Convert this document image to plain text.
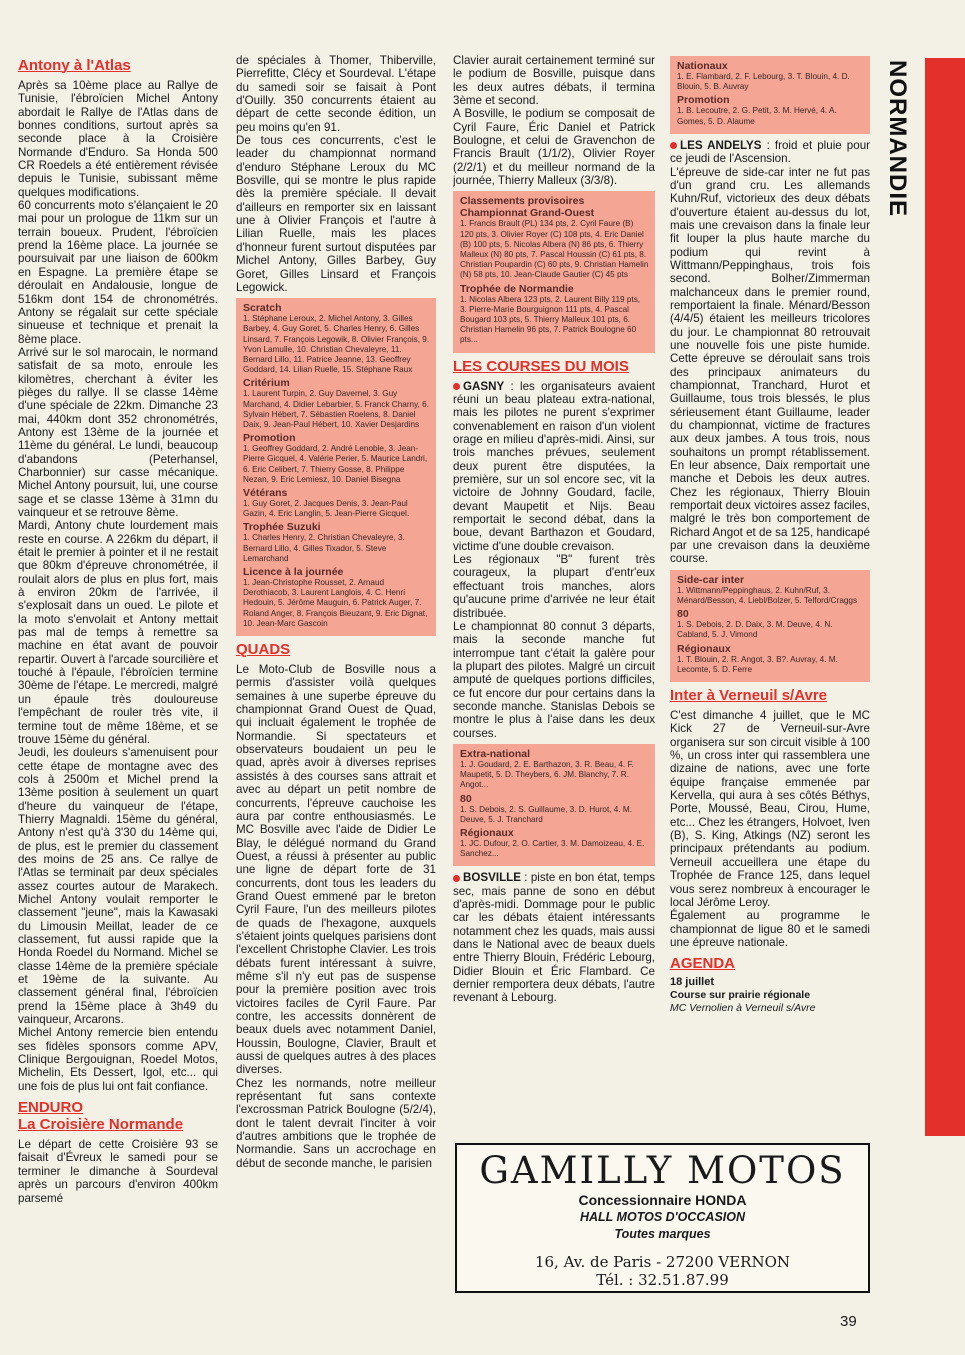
Antony à l'Atlas

Après sa 10ème place au Rallye de Tunisie, l'ébroïcien Michel Antony abordait le Rallye de l'Atlas dans de bonnes conditions, surtout après sa seconde place à la Croisière Normande d'Enduro. Sa Honda 500 CR Roedels a été entièrement révisée depuis le Tunisie, subissant même quelques modifications.

60 concurrents moto s'élançaient le 20 mai pour un prologue de 11km sur un terrain boueux. Prudent, l'ébroïcien prend la 16ème place. La journée se poursuivait par une liaison de 600km en Espagne. La première étape se déroulait en Andalousie, longue de 516km dont 154 de chronométrés. Antony se régalait sur cette spéciale sinueuse et technique et prenait la 8ème place.

Arrivé sur le sol marocain, le normand satisfait de sa moto, enroule les kilomètres, cherchant à éviter les pièges du rallye. Il se classe 14ème d'une spéciale de 22km. Dimanche 23 mai, 440km dont 352 chronométrés, Antony est 13ème de la journée et 11ème du général. Le lundi, beaucoup d'abandons (Peterhansel, Charbonnier) sur casse mécanique. Michel Antony poursuit, lui, une course sage et se classe 13ème à 31mn du vainqueur et se retrouve 8ème.

Mardi, Antony chute lourdement mais reste en course. A 226km du départ, il était le premier à pointer et il ne restait que 80km d'épreuve chronométrée, il roulait alors de plus en plus fort, mais à environ 20km de l'arrivée, il s'explosait dans un oued. Le pilote et la moto s'envolait et Antony mettait pas mal de temps à remettre sa machine en état avant de pouvoir repartir. Ouvert à l'arcade sourcilière et touché à l'épaule, l'ébroïcien termine 30ème de l'étape. Le mercredi, malgré un épaule très douloureuse l'empêchant de rouler très vite, il termine tout de même 18ème, et se trouve 15ème du général.

Jeudi, les douleurs s'amenuisent pour cette étape de montagne avec des cols à 2500m et Michel prend la 13ème position à seulement un quart d'heure du vainqueur de l'étape, Thierry Magnaldi. 15ème du général, Antony n'est qu'à 3'30 du 14ème qui, de plus, est le premier du classement des moins de 25 ans. Ce rallye de l'Atlas se terminait par deux spéciales assez courtes autour de Marakech. Michel Antony voulait remporter le classement "jeune", mais la Kawasaki du Limousin Meillat, leader de ce classement, fut aussi rapide que la Honda Roedel du Normand. Michel se classe 14ème de la première spéciale et 19ème de la suivante. Au classement général final, l'ébroïcien prend la 15ème place à 3h49 du vainqueur, Arcarons.

Michel Antony remercie bien entendu ses fidèles sponsors comme APV, Clinique Bergouignan, Roedel Motos, Michelin, Ets Dessert, Igol, etc... qui une fois de plus lui ont fait confiance.

ENDURO
La Croisière Normande

Le départ de cette Croisière 93 se faisait d'Évreux le samedi pour se terminer le dimanche à Sourdeval après un parcours d'environ 400km parsemé

de spéciales à Thomer, Thiberville, Pierrefitte, Clécy et Sourdeval. L'étape du samedi soir se faisait à Pont d'Ouilly. 350 concurrents étaient au départ de cette seconde édition, un peu moins qu'en 91.

De tous ces concurrents, c'est le leader du championnat normand d'enduro Stéphane Leroux du MC Bosville, qui se montre le plus rapide dès la première spéciale. Il devait d'ailleurs en remporter six en laissant une à Olivier François et l'autre à Lilian Ruelle, mais les places d'honneur furent surtout disputées par Michel Antony, Gilles Barbey, Guy Goret, Gilles Linsard et François Legowick.

Scratch
1. Stéphane Leroux, 2. Michel Antony, 3. Gilles Barbey, 4. Guy Goret, 5. Charles Henry, 6. Gilles Linsard, 7. François Legowik, 8. Olivier François, 9. Yvon Lamulle, 10. Christian Chevaleyre, 11. Bernard Lillo, 11. Patrice Jeanne, 13. Geoffrey Goddard, 14. Lilian Ruelle, 15. Stéphane Raux
Critérium
1. Laurent Turpin, 2. Guy Davernel, 3. Guy Marchand, 4. Didier Lebarbier, 5. Franck Charny, 6. Sylvain Hébert, 7. Sébastien Roelens, 8. Daniel Daix, 9. Jean-Paul Hébert, 10. Xavier Desjardins
Promotion
1. Geoffrey Goddard, 2. André Lenoble, 3. Jean-Pierre Gicquel, 4. Valérie Perier, 5. Maurice Landri, 6. Eric Celibert, 7. Thierry Gosse, 8. Philippe Nezan, 9. Eric Lemiesz, 10. Daniel Bisegna
Vétérans
1. Guy Goret, 2. Jacques Denis, 3. Jean-Paul Gazin, 4. Eric Langlin, 5. Jean-Pierre Gicquel.
Trophée Suzuki
1. Charles Henry, 2. Christian Chevaleyre, 3. Bernard Lillo, 4. Gilles Tixador, 5. Steve Lemarchand
Licence à la journée
1. Jean-Christophe Rousset, 2. Arnaud Derothiacob, 3. Laurent Langlois, 4. C. Henri Hedouin, 5. Jérôme Mauguin, 6. Patrick Auger, 7. Roland Anger, 8. François Bieuzant, 9. Eric Dignat, 10. Jean-Marc Gascoin
QUADS

Le Moto-Club de Bosville nous a permis d'assister voilà quelques semaines à une superbe épreuve du championnat Grand Ouest de Quad, qui incluait également le trophée de Normandie. Si spectateurs et observateurs boudaient un peu le quad, après avoir à diverses reprises assistés à des courses sans attrait et avec au départ un petit nombre de concurrents, l'épreuve cauchoise les aura par contre enthousiasmés. Le MC Bosville avec l'aide de Didier Le Blay, le délégué normand du Grand Ouest, a réussi à présenter au public une ligne de départ forte de 31 concurrents, dont tous les leaders du Grand Ouest emmené par le breton Cyril Faure, l'un des meilleurs pilotes de quads de l'hexagone, auxquels s'étaient joints quelques parisiens dont l'excellent Christophe Clavier. Les trois débats furent intéressant à suivre, même s'il n'y eut pas de suspense pour la première position avec trois victoires faciles de Cyril Faure. Par contre, les accessits donnèrent de beaux duels avec notamment Daniel, Houssin, Boulogne, Clavier, Brault et aussi de quelques autres à des places diverses.

Chez les normands, notre meilleur représentant fut sans contexte l'excrossman Patrick Boulogne (5/2/4), dont le talent devrait l'inciter à voir d'autres ambitions que le trophée de Normandie. Sans un accrochage en début de seconde manche, le parisien

Clavier aurait certainement terminé sur le podium de Bosville, puisque dans les deux autres débats, il termina 3ème et second.

A Bosville, le podium se composait de Cyril Faure, Éric Daniel et Patrick Boulogne, et celui de Gravenchon de Francis Brault (1/1/2), Olivier Royer (2/2/1) et du meilleur normand de la journée, Thierry Malleux (3/3/8).

Classements provisoires Championnat Grand-Ouest
1. Francis Brault (PL) 134 pts, 2. Cyril Faure (B) 120 pts, 3. Olivier Royer (C) 108 pts, 4. Eric Daniel (B) 100 pts, 5. Nicolas Albera (N) 86 pts, 6. Thierry Malleux (N) 80 pts, 7. Pascal Houssin (C) 61 pts, 8. Christian Poupardin (C) 60 pts, 9. Christian Hamelin (N) 58 pts, 10. Jean-Claude Gautier (C) 45 pts
Trophée de Normandie
1. Nicolas Albera 123 pts, 2. Laurent Billy 119 pts, 3. Pierre-Marie Bourguignon 111 pts, 4. Pascal Bougard 103 pts, 5. Thierry Malleux 101 pts, 6. Christian Hamelin 96 pts, 7. Patrick Boulogne 60 pts...
LES COURSES DU MOIS

GASNY : les organisateurs avaient réuni un beau plateau extra-national, mais les pilotes ne purent s'exprimer convenablement en raison d'un violent orage en milieu d'après-midi. Ainsi, sur trois manches prévues, seulement deux purent être disputées, la première, sur un sol encore sec, vit la victoire de Johnny Goudard, facile, devant Maupetit et Nijs. Beau remportait le second débat, dans la boue, devant Barthazon et Goudard, victime d'une double crevaison.

Les régionaux "B" furent très courageux, la plupart d'entr'eux effectuant trois manches, alors qu'aucune prime d'arrivée ne leur était distribuée.

Le championnat 80 connut 3 départs, mais la seconde manche fut interrompue tant c'était la galère pour la plupart des pilotes. Malgré un circuit amputé de quelques portions difficiles, ce fut encore dur pour certains dans la seconde manche. Stanislas Debois se montre le plus à l'aise dans les deux courses.

Extra-national
1. J. Goudard, 2. E. Barthazon, 3. R. Beau, 4. F. Maupetit, 5. D. Theybers, 6. JM. Blanchy, 7. R. Angot...
80
1. S. Debois, 2. S. Guillaume, 3. D. Hurot, 4. M. Deuve, 5. J. Tranchard
Régionaux
1. JC. Dufour, 2. O. Cartier, 3. M. Damoizeau, 4. E. Sanchez...

BOSVILLE : piste en bon état, temps sec, mais panne de sono en début d'après-midi. Dommage pour le public car les débats étaient intéressants notamment chez les quads, mais aussi dans le National avec de beaux duels entre Thierry Blouin, Frédéric Lebourg, Didier Blouin et Éric Flambard. Ce dernier remportera deux débats, l'autre revenant à Lebourg.

Nationaux
1. E. Flambard, 2. F. Lebourg, 3. T. Blouin, 4. D. Blouin, 5. B. Auvray
Promotion
1. B. Lecoutre, 2. G. Petit, 3. M. Hervé, 4. A. Gomes, 5. D. Alaume

LES ANDELYS : froid et pluie pour ce jeudi de l'Ascension.

L'épreuve de side-car inter ne fut pas d'un grand cru. Les allemands Kuhn/Ruf, victorieux des deux débats d'ouverture étaient au-dessus du lot, mais une crevaison dans la finale leur fit louper la plus haute marche du podium qui revint à Wittmann/Peppinghaus, trois fois second. Bolher/Zimmerman malchanceux dans le premier round, remportaient la finale. Ménard/Besson (4/4/5) étaient les meilleurs tricolores du jour. Le championnat 80 retrouvait une nouvelle fois une piste humide. Cette épreuve se déroulait sans trois des principaux animateurs du championnat, Tranchard, Hurot et Guillaume, tous trois blessés, le plus sérieusement étant Guillaume, leader du championnat, victime de fractures aux deux jambes. A tous trois, nous souhaitons un prompt rétablissement. En leur absence, Daix remportait une manche et Debois les deux autres. Chez les régionaux, Thierry Blouin remportait deux victoires assez faciles, malgré le très bon comportement de Richard Angot et de sa 125, handicapé par une crevaison dans la deuxième course.

Side-car inter
1. Wittmann/Peppinghaus, 2. Kuhn/Ruf, 3. Ménard/Besson, 4. Liebl/Bolzer, 5. Telford/Craggs
80
1. S. Debois, 2. D. Daix, 3. M. Deuve, 4. N. Cabland, 5. J. Vimond
Régionaux
1. T. Blouin, 2. R. Angot, 3. B?. Auvray, 4. M. Lecomte, 5. D. Ferre
Inter à Verneuil s/Avre

C'est dimanche 4 juillet, que le MC Kick 27 de Verneuil-sur-Avre organisera sur son circuit visible à 100 %, un cross inter qui rassemblera une dizaine de nations, avec une forte équipe française emmenée par Kervella, qui aura à ses côtés Béthys, Porte, Moussé, Beau, Cirou, Hume, etc... Chez les étrangers, Holvoet, Iven (B), S. King, Atkings (NZ) seront les principaux prétendants au podium. Verneuil accueillera une étape du Trophée de France 125, dans lequel vous serez nombreux à encourager le local Jérôme Leroy.

Également au programme le championnat de ligue 80 et le samedi une épreuve nationale.

AGENDA
18 juillet
Course sur prairie régionale
MC Vernolien à Verneuil s/Avre
NORMANDIE
GAMILLY MOTOS
Concessionnaire HONDA
HALL MOTOS D'OCCASION
Toutes marques
16, Av. de Paris - 27200 VERNON
Tél. : 32.51.87.99
39
